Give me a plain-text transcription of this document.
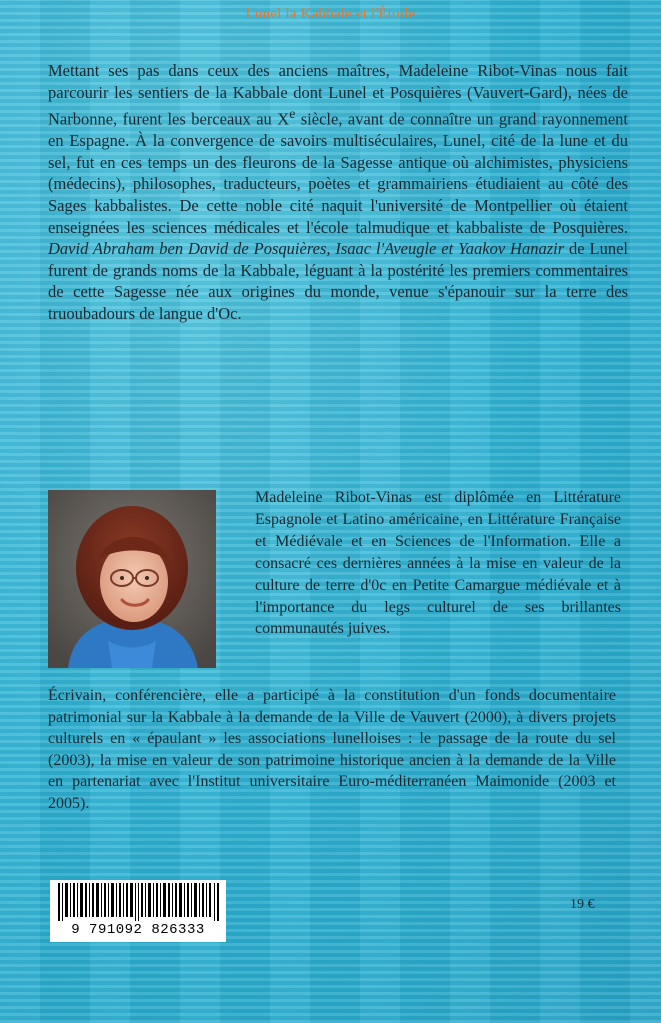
Lunel la Kabbale et l'Étoile

Mettant ses pas dans ceux des anciens maîtres, Madeleine Ribot-Vinas nous fait parcourir les sentiers de la Kabbale dont Lunel et Posquières (Vauvert-Gard), nées de Narbonne, furent les berceaux au Xe siècle, avant de connaître un grand rayonnement en Espagne. À la convergence de savoirs multiséculaires, Lunel, cité de la lune et du sel, fut en ces temps un des fleurons de la Sagesse antique où alchimistes, physiciens (médecins), philosophes, traducteurs, poètes et grammairiens étudiaient au côté des Sages kabbalistes. De cette noble cité naquit l'université de Montpellier où étaient enseignées les sciences médicales et l'école talmudique et kabbaliste de Posquières. David Abraham ben David de Posquières, Isaac l'Aveugle et Yaakov Hanazir de Lunel furent de grands noms de la Kabbale, léguant à la postérité les premiers commentaires de cette Sagesse née aux origines du monde, venue s'épanouir sur la terre des truoubadours de langue d'Oc.

Madeleine Ribot-Vinas est diplômée en Littérature Espagnole et Latino américaine, en Littérature Française et Médiévale et en Sciences de l'Information. Elle a consacré ces dernières années à la mise en valeur de la culture de terre d'0c en Petite Camargue médiévale et à l'importance du legs culturel de ses brillantes communautés juives.

Écrivain, conférencière, elle a participé à la constitution d'un fonds documentaire patrimonial sur la Kabbale à la demande de la Ville de Vauvert (2000), à divers projets culturels en « épaulant » les associations lunelloises : le passage de la route du sel (2003), la mise en valeur de son patrimoine historique ancien à la demande de la Ville en partenariat avec l'Institut universitaire Euro-méditerranéen Maimonide (2003 et 2005).

9 791092 826333
19 €
